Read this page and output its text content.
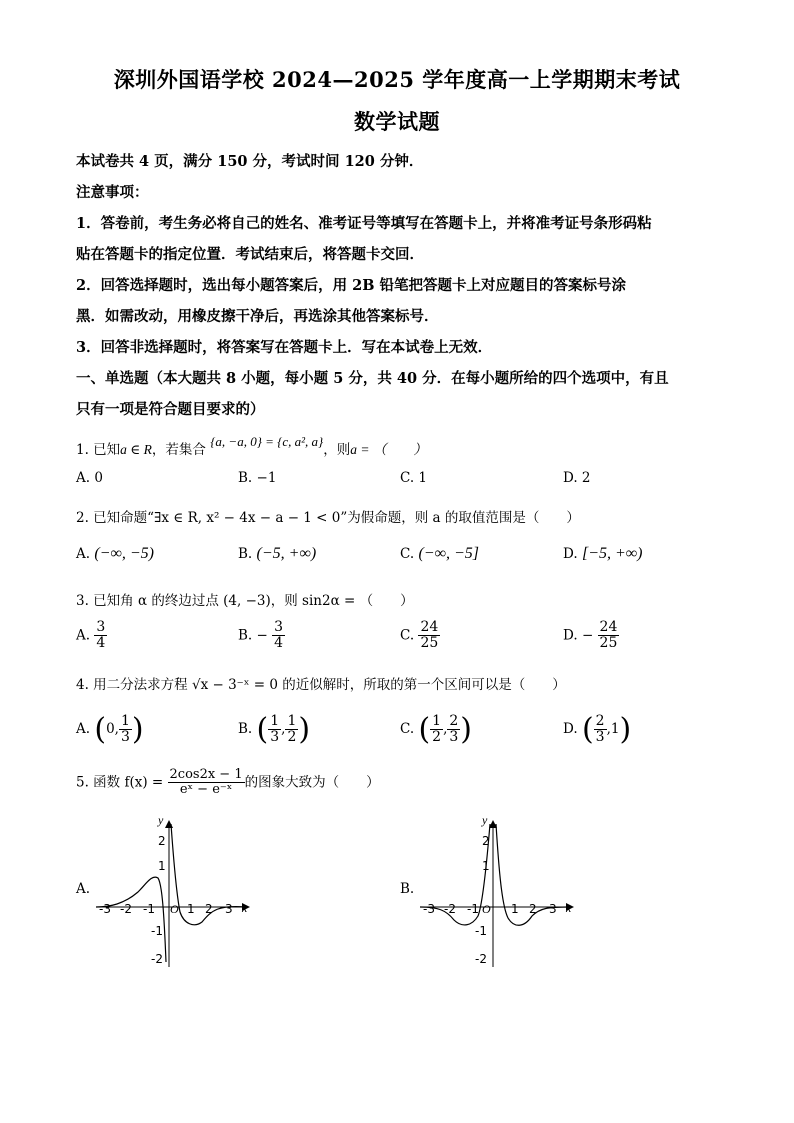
深圳外国语学校 2024—2025 学年度高一上学期期末考试
数学试题
本试卷共 4 页，满分 150 分，考试时间 120 分钟．
注意事项：
1．答卷前，考生务必将自己的姓名、准考证号等填写在答题卡上，并将准考证号条形码粘
贴在答题卡的指定位置．考试结束后，将答题卡交回．
2．回答选择题时，选出每小题答案后，用 2B 铅笔把答题卡上对应题目的答案标号涂
黑．如需改动，用橡皮擦干净后，再选涂其他答案标号．
3．回答非选择题时，将答案写在答题卡上．写在本试卷上无效．
一、单选题（本大题共 8 小题，每小题 5 分，共 40 分．在每小题所给的四个选项中，有且
只有一项是符合题目要求的）
1. 已知a ∈ R，若集合 {a, −a, 0} = {c, a², a}，则a = （　　）
A. 0	B. −1	C. 1	D. 2
2. 已知命题“∃x ∈ R, x² − 4x − a − 1 < 0”为假命题，则 a 的取值范围是（　　）
A. (−∞, −5)	B. (−5, +∞)	C. (−∞, −5]	D. [−5, +∞)
3. 已知角 α 的终边过点 (4, −3)，则 sin2α = （　　）
A. $\frac{3}{4}$	B. − $\frac{3}{4}$	C. $\frac{24}{25}$	D. − $\frac{24}{25}$
4. 用二分法求方程 √x − 3⁻ˣ = 0 的近似解时，所取的第一个区间可以是（　　）
A. (0, $\frac{1}{3}$ )	B. ( $\frac{1}{3}$ , $\frac{1}{2}$ )	C. ( $\frac{1}{2}$ , $\frac{2}{3}$ )	D. ( $\frac{2}{3} ,1$)
5. 函数 $f(x) = \frac{2\cos 2x - 1}{\text{eˣ − e⁻ˣ}}$ 的图象大致为（　　）
A.
y
x
O
-3 -2 -1	1 2 3
2
1
-1
-2
B.
y
x
O
-3 -2 -1	1 2 3
2
1
-1
-2
